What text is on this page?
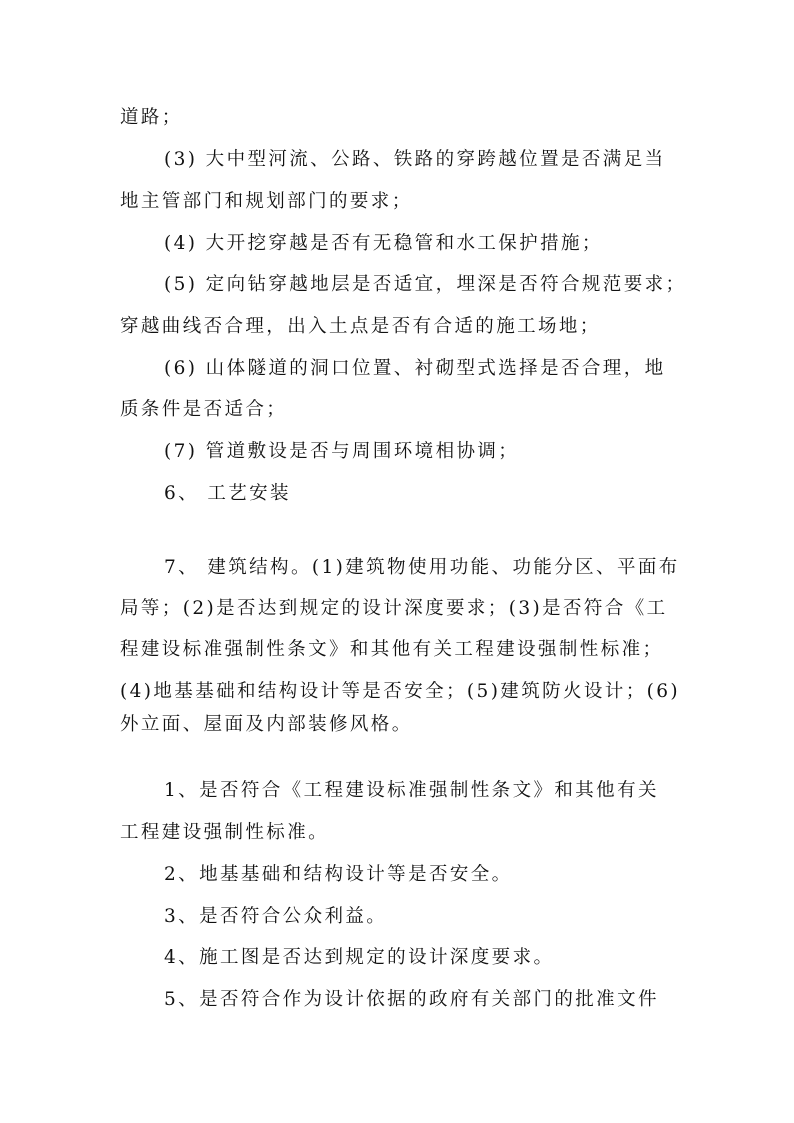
道路；
(3) 大中型河流、公路、铁路的穿跨越位置是否满足当
地主管部门和规划部门的要求；
(4) 大开挖穿越是否有无稳管和水工保护措施；
(5) 定向钻穿越地层是否适宜，埋深是否符合规范要求；
穿越曲线否合理，出入土点是否有合适的施工场地；
(6) 山体隧道的洞口位置、衬砌型式选择是否合理，地
质条件是否适合；
(7) 管道敷设是否与周围环境相协调；
6、 工艺安装
7、 建筑结构。(1)建筑物使用功能、功能分区、平面布
局等；(2)是否达到规定的设计深度要求；(3)是否符合《工
程建设标准强制性条文》和其他有关工程建设强制性标准；
(4)地基基础和结构设计等是否安全；(5)建筑防火设计；(6)
外立面、屋面及内部装修风格。
1、是否符合《工程建设标准强制性条文》和其他有关
工程建设强制性标准。
2、地基基础和结构设计等是否安全。
3、是否符合公众利益。
4、施工图是否达到规定的设计深度要求。
5、是否符合作为设计依据的政府有关部门的批准文件
